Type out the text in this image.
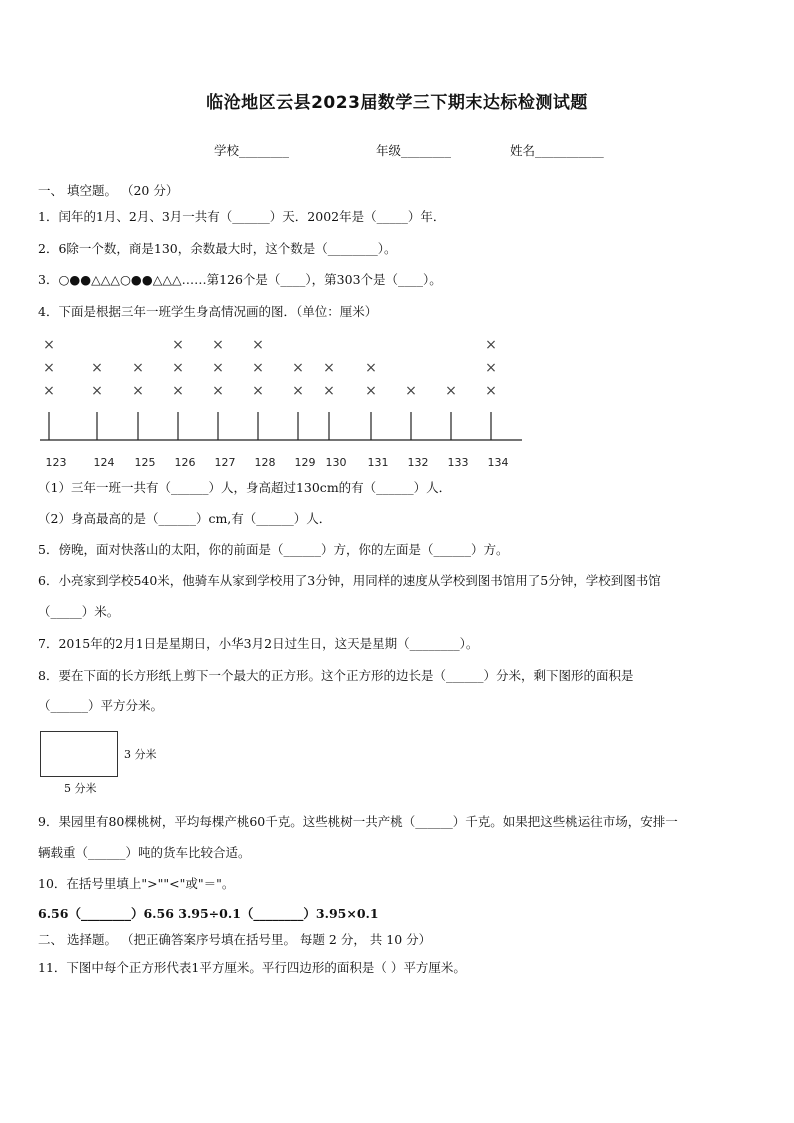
临沧地区云县2023届数学三下期末达标检测试题
学校________	年级________	姓名___________
一、 填空题。 （20 分）
1．闰年的1月、2月、3月一共有（______）天．2002年是（_____）年．
2．6除一个数，商是130，余数最大时，这个数是（________）。
3．○●●△△△○●●△△△……第126个是（____），第303个是（____）。
4．下面是根据三年一班学生身高情况画的图．（单位：厘米）
×
×
×
×
×
×
×
×
×
×
×
×
×
×
×
×
×
×
×
×
×
×
× × ×
×
×
123 124 125 126 127 128 129 130 131 132 133 134
（1）三年一班一共有（______）人，身高超过130cm的有（______）人．
（2）身高最高的是（______）cm,有（______）人．
5．傍晚，面对快落山的太阳，你的前面是（______）方，你的左面是（______）方。
6．小亮家到学校540米，他骑车从家到学校用了3分钟，用同样的速度从学校到图书馆用了5分钟，学校到图书馆
（_____）米。
7．2015年的2月1日是星期日，小华3月2日过生日，这天是星期（________）。
8．要在下面的长方形纸上剪下一个最大的正方形。这个正方形的边长是（______）分米，剩下图形的面积是
（______）平方分米。
3 分米
5 分米
9．果园里有80棵桃树，平均每棵产桃60千克。这些桃树一共产桃（______）千克。如果把这些桃运往市场，安排一
辆载重（______）吨的货车比较合适。
10．在括号里填上">""<"或"＝"。
6.56（________）6.56 3.95÷0.1（________）3.95×0.1
二、 选择题。 （把正确答案序号填在括号里。 每题 2 分， 共 10 分）
11．下图中每个正方形代表1平方厘米。平行四边形的面积是（ ）平方厘米。
